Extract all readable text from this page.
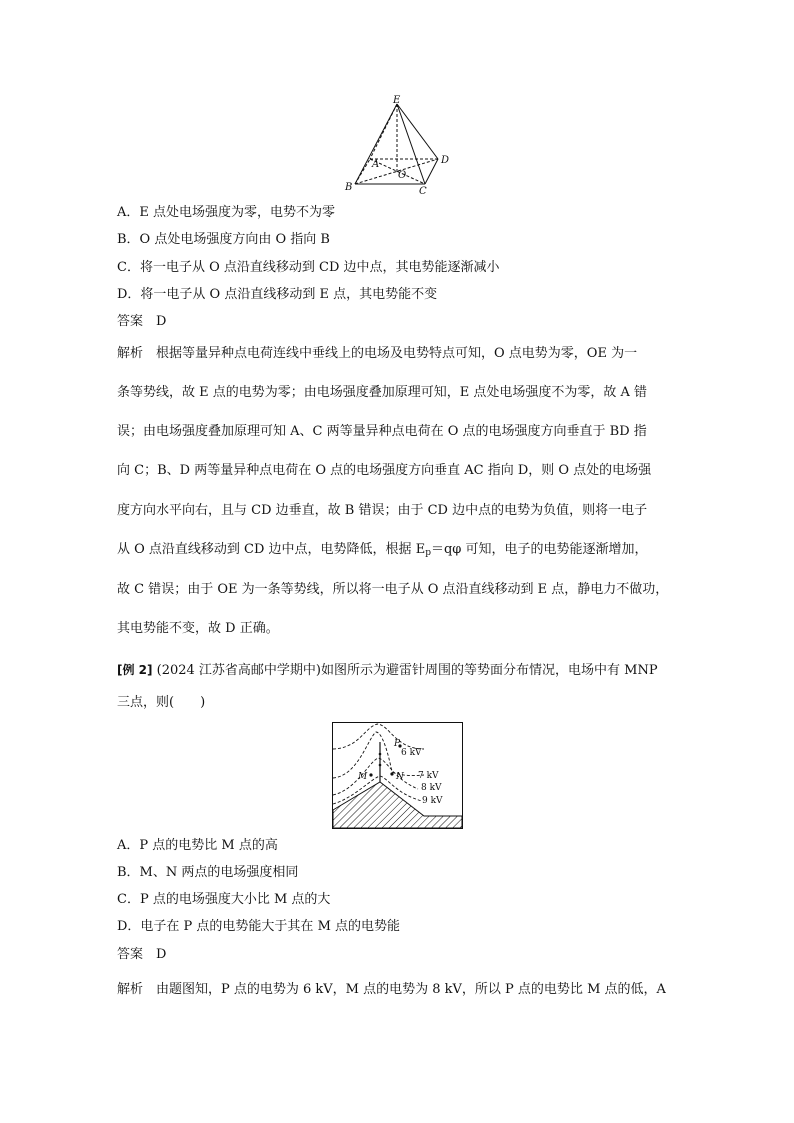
E
A
O
D
B	C
A．E 点处电场强度为零，电势不为零
B．O 点处电场强度方向由 O 指向 B
C．将一电子从 O 点沿直线移动到 CD 边中点，其电势能逐渐减小
D．将一电子从 O 点沿直线移动到 E 点，其电势能不变
答案　D
解析　根据等量异种点电荷连线中垂线上的电场及电势特点可知，O 点电势为零，OE 为一
条等势线，故 E 点的电势为零；由电场强度叠加原理可知，E 点处电场强度不为零，故 A 错
误；由电场强度叠加原理可知 A、C 两等量异种点电荷在 O 点的电场强度方向垂直于 BD 指
向 C；B、D 两等量异种点电荷在 O 点的电场强度方向垂直 AC 指向 D，则 O 点处的电场强
度方向水平向右，且与 CD 边垂直，故 B 错误；由于 CD 边中点的电势为负值，则将一电子
从 O 点沿直线移动到 CD 边中点，电势降低，根据 $E_p=q\varphi$ 可知，电子的电势能逐渐增加，
故 C 错误；由于 OE 为一条等势线，所以将一电子从 O 点沿直线移动到 E 点，静电力不做功，
其电势能不变，故 D 正确。
[例 2] (2024 江苏省高邮中学期中)如图所示为避雷针周围的等势面分布情况，电场中有 MNP
三点，则(　　)
P
M	N
6 kV
7 kV
8 kV
9 kV
A．P 点的电势比 M 点的高
B．M、N 两点的电场强度相同
C．P 点的电场强度大小比 M 点的大
D．电子在 P 点的电势能大于其在 M 点的电势能
答案　D
解析　由题图知，P 点的电势为 6 kV，M 点的电势为 8 kV，所以 P 点的电势比 M 点的低，A
